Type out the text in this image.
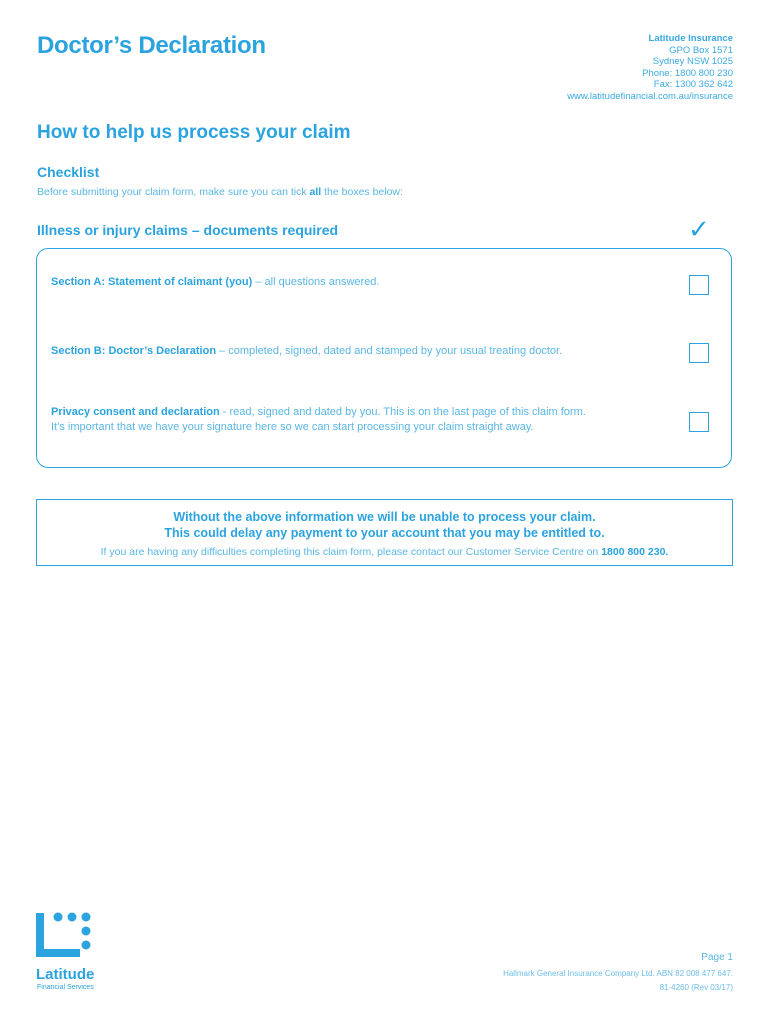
Doctor’s Declaration	Latitude Insurance
GPO Box 1571
Sydney NSW 1025
Phone: 1800 800 230
Fax: 1300 362 642
www.latitudefinancial.com.au/insurance
How to help us process your claim
Checklist
Before submitting your claim form, make sure you can tick all the boxes below:
Illness or injury claims – documents required	✓
Section A: Statement of claimant (you) – all questions answered.
Section B: Doctor’s Declaration – completed, signed, dated and stamped by your usual treating doctor.
Privacy consent and declaration - read, signed and dated by you. This is on the last page of this claim form.
It’s important that we have your signature here so we can start processing your claim straight away.
Without the above information we will be unable to process your claim.
This could delay any payment to your account that you may be entitled to.
If you are having any difficulties completing this claim form, please contact our Customer Service Centre on 1800 800 230.
Latitude
Financial Services
Page 1
Hallmark General Insurance Company Ltd. ABN 82 008 477 647.
81-4260 (Rev 03/17)
